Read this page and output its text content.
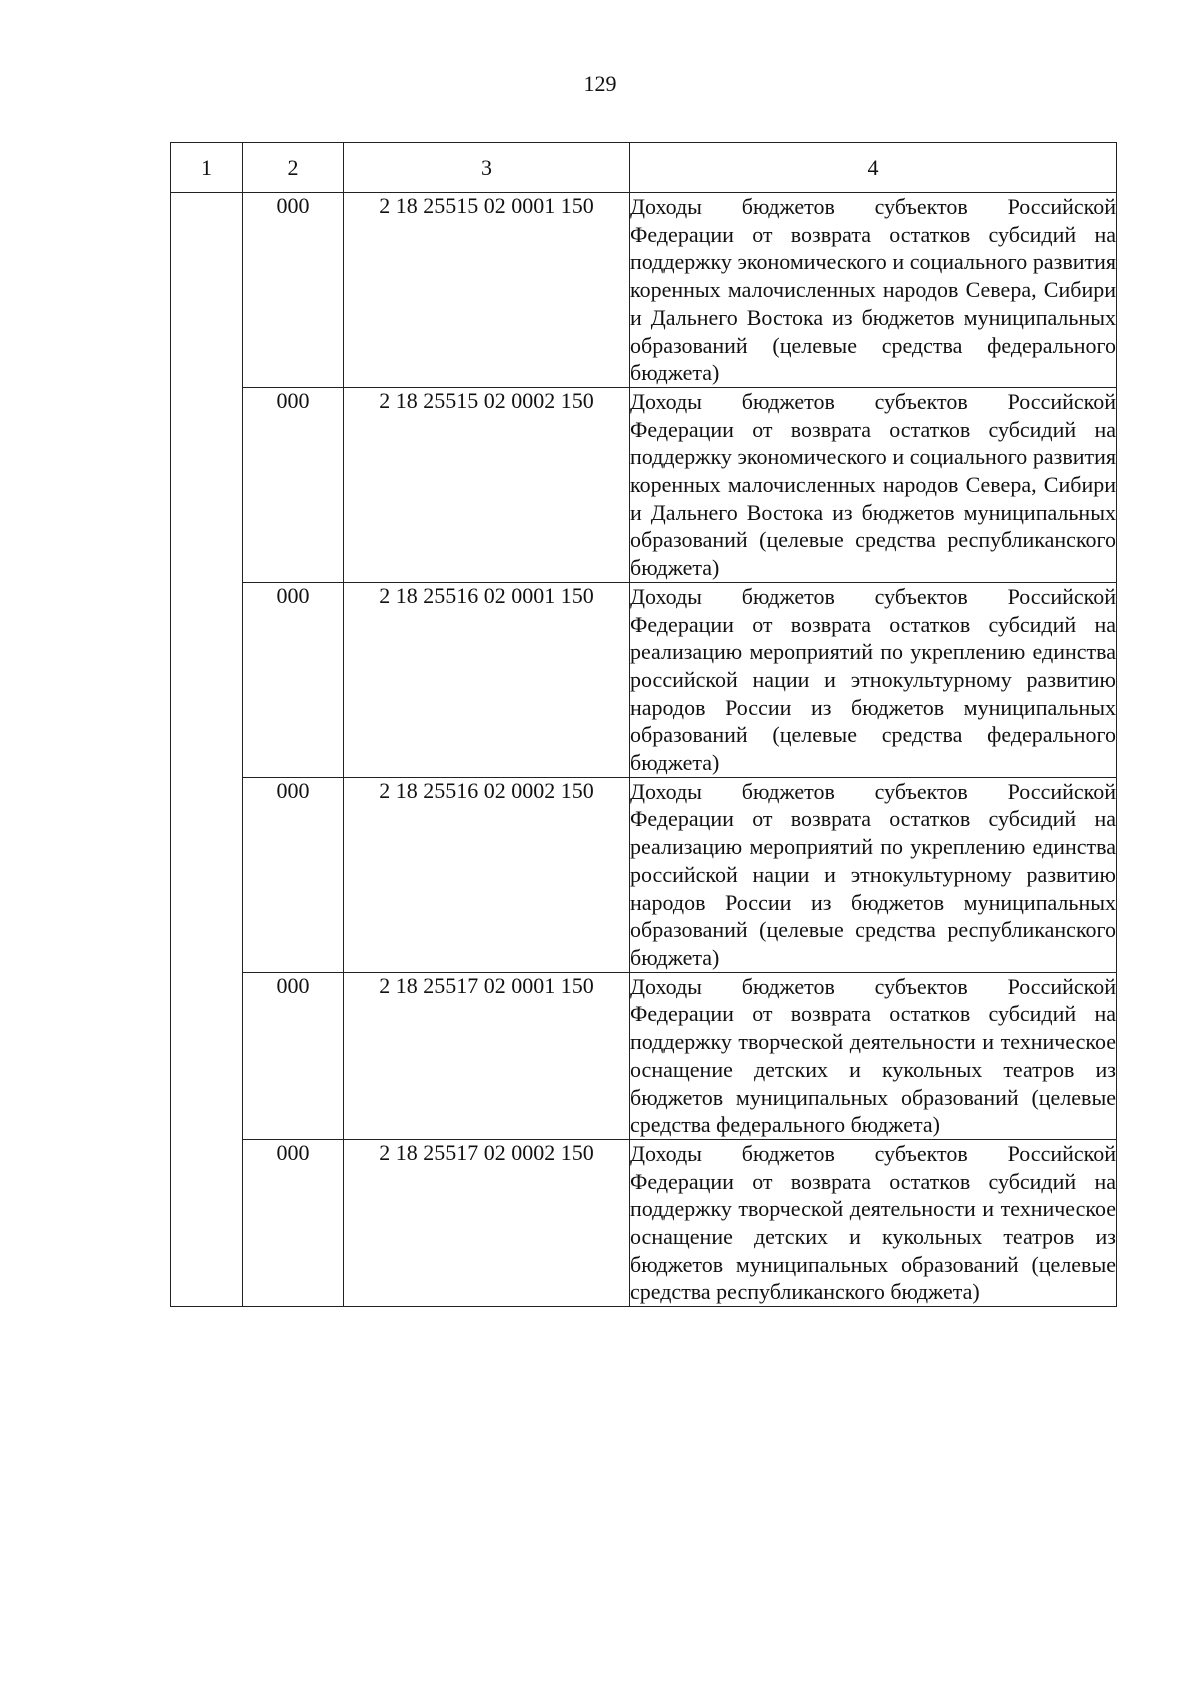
129
1	2	3	4
	000	2 18 25515 02 0001 150	Доходы бюджетов субъектов Российской Федерации от возврата остатков субсидий на поддержку экономического и социального развития коренных малочисленных народов Севера, Сибири и Дальнего Востока из бюджетов муниципальных образований (целевые средства федерального бюджета)
	000	2 18 25515 02 0002 150	Доходы бюджетов субъектов Российской Федерации от возврата остатков субсидий на поддержку экономического и социального развития коренных малочисленных народов Севера, Сибири и Дальнего Востока из бюджетов муниципальных образований (целевые средства республиканского бюджета)
	000	2 18 25516 02 0001 150	Доходы бюджетов субъектов Российской Федерации от возврата остатков субсидий на реализацию мероприятий по укреплению единства российской нации и этнокультурному развитию народов России из бюджетов муниципальных образований (целевые средства федерального бюджета)
	000	2 18 25516 02 0002 150	Доходы бюджетов субъектов Российской Федерации от возврата остатков субсидий на реализацию мероприятий по укреплению единства российской нации и этнокультурному развитию народов России из бюджетов муниципальных образований (целевые средства республиканского бюджета)
	000	2 18 25517 02 0001 150	Доходы бюджетов субъектов Российской Федерации от возврата остатков субсидий на поддержку творческой деятельности и техническое оснащение детских и кукольных театров из бюджетов муниципальных образований (целевые средства федерального бюджета)
	000	2 18 25517 02 0002 150	Доходы бюджетов субъектов Российской Федерации от возврата остатков субсидий на поддержку творческой деятельности и техническое оснащение детских и кукольных театров из бюджетов муниципальных образований (целевые средства республиканского бюджета)
